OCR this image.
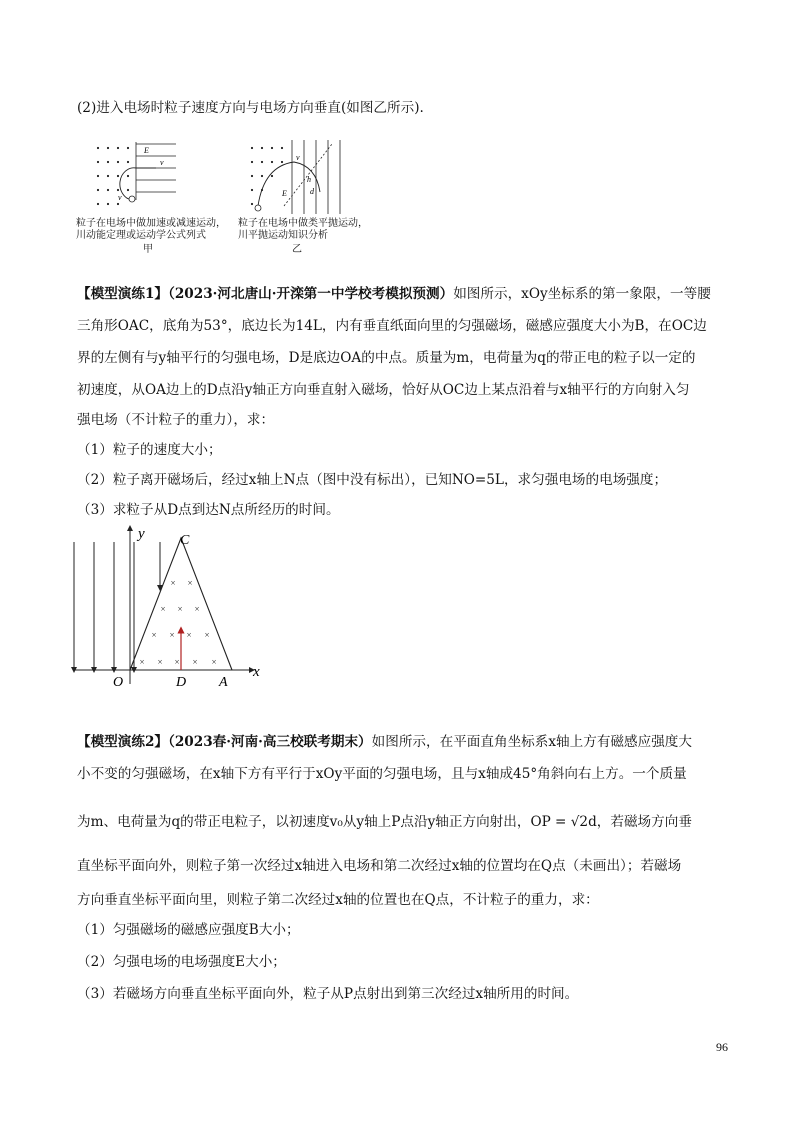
(2)进入电场时粒子速度方向与电场方向垂直(如图乙所示).
E
v
v
粒子在电场中做加速或减速运动，
川动能定理或运动学公式列式
甲
E
v
h
d
粒子在电场中做类平抛运动，
川平抛运动知识分析
乙
【模型演练1】（2023·河北唐山·开滦第一中学校考模拟预测）如图所示，xOy坐标系的第一象限，一等腰
三角形OAC，底角为53°，底边长为14L，内有垂直纸面向里的匀强磁场，磁感应强度大小为B，在OC边
界的左侧有与y轴平行的匀强电场，D是底边OA的中点。质量为m，电荷量为q的带正电的粒子以一定的
初速度，从OA边上的D点沿y轴正方向垂直射入磁场，恰好从OC边上某点沿着与x轴平行的方向射入匀
强电场（不计粒子的重力），求：
（1）粒子的速度大小；
（2）粒子离开磁场后，经过x轴上N点（图中没有标出），已知NO=5L，求匀强电场的电场强度；
（3）求粒子从D点到达N点所经历的时间。
× ×
× × ×
× × × ×
× × × × ×
y
x
C
O	D A
【模型演练2】（2023春·河南·高三校联考期末）如图所示，在平面直角坐标系x轴上方有磁感应强度大
小不变的匀强磁场，在x轴下方有平行于xOy平面的匀强电场，且与x轴成45°角斜向右上方。一个质量
为m、电荷量为q的带正电粒子，以初速度v₀从y轴上P点沿y轴正方向射出，OP = √2d，若磁场方向垂
直坐标平面向外，则粒子第一次经过x轴进入电场和第二次经过x轴的位置均在Q点（未画出）；若磁场
方向垂直坐标平面向里，则粒子第二次经过x轴的位置也在Q点，不计粒子的重力，求：
（1）匀强磁场的磁感应强度B大小；
（2）匀强电场的电场强度E大小；
（3）若磁场方向垂直坐标平面向外，粒子从P点射出到第三次经过x轴所用的时间。
96
